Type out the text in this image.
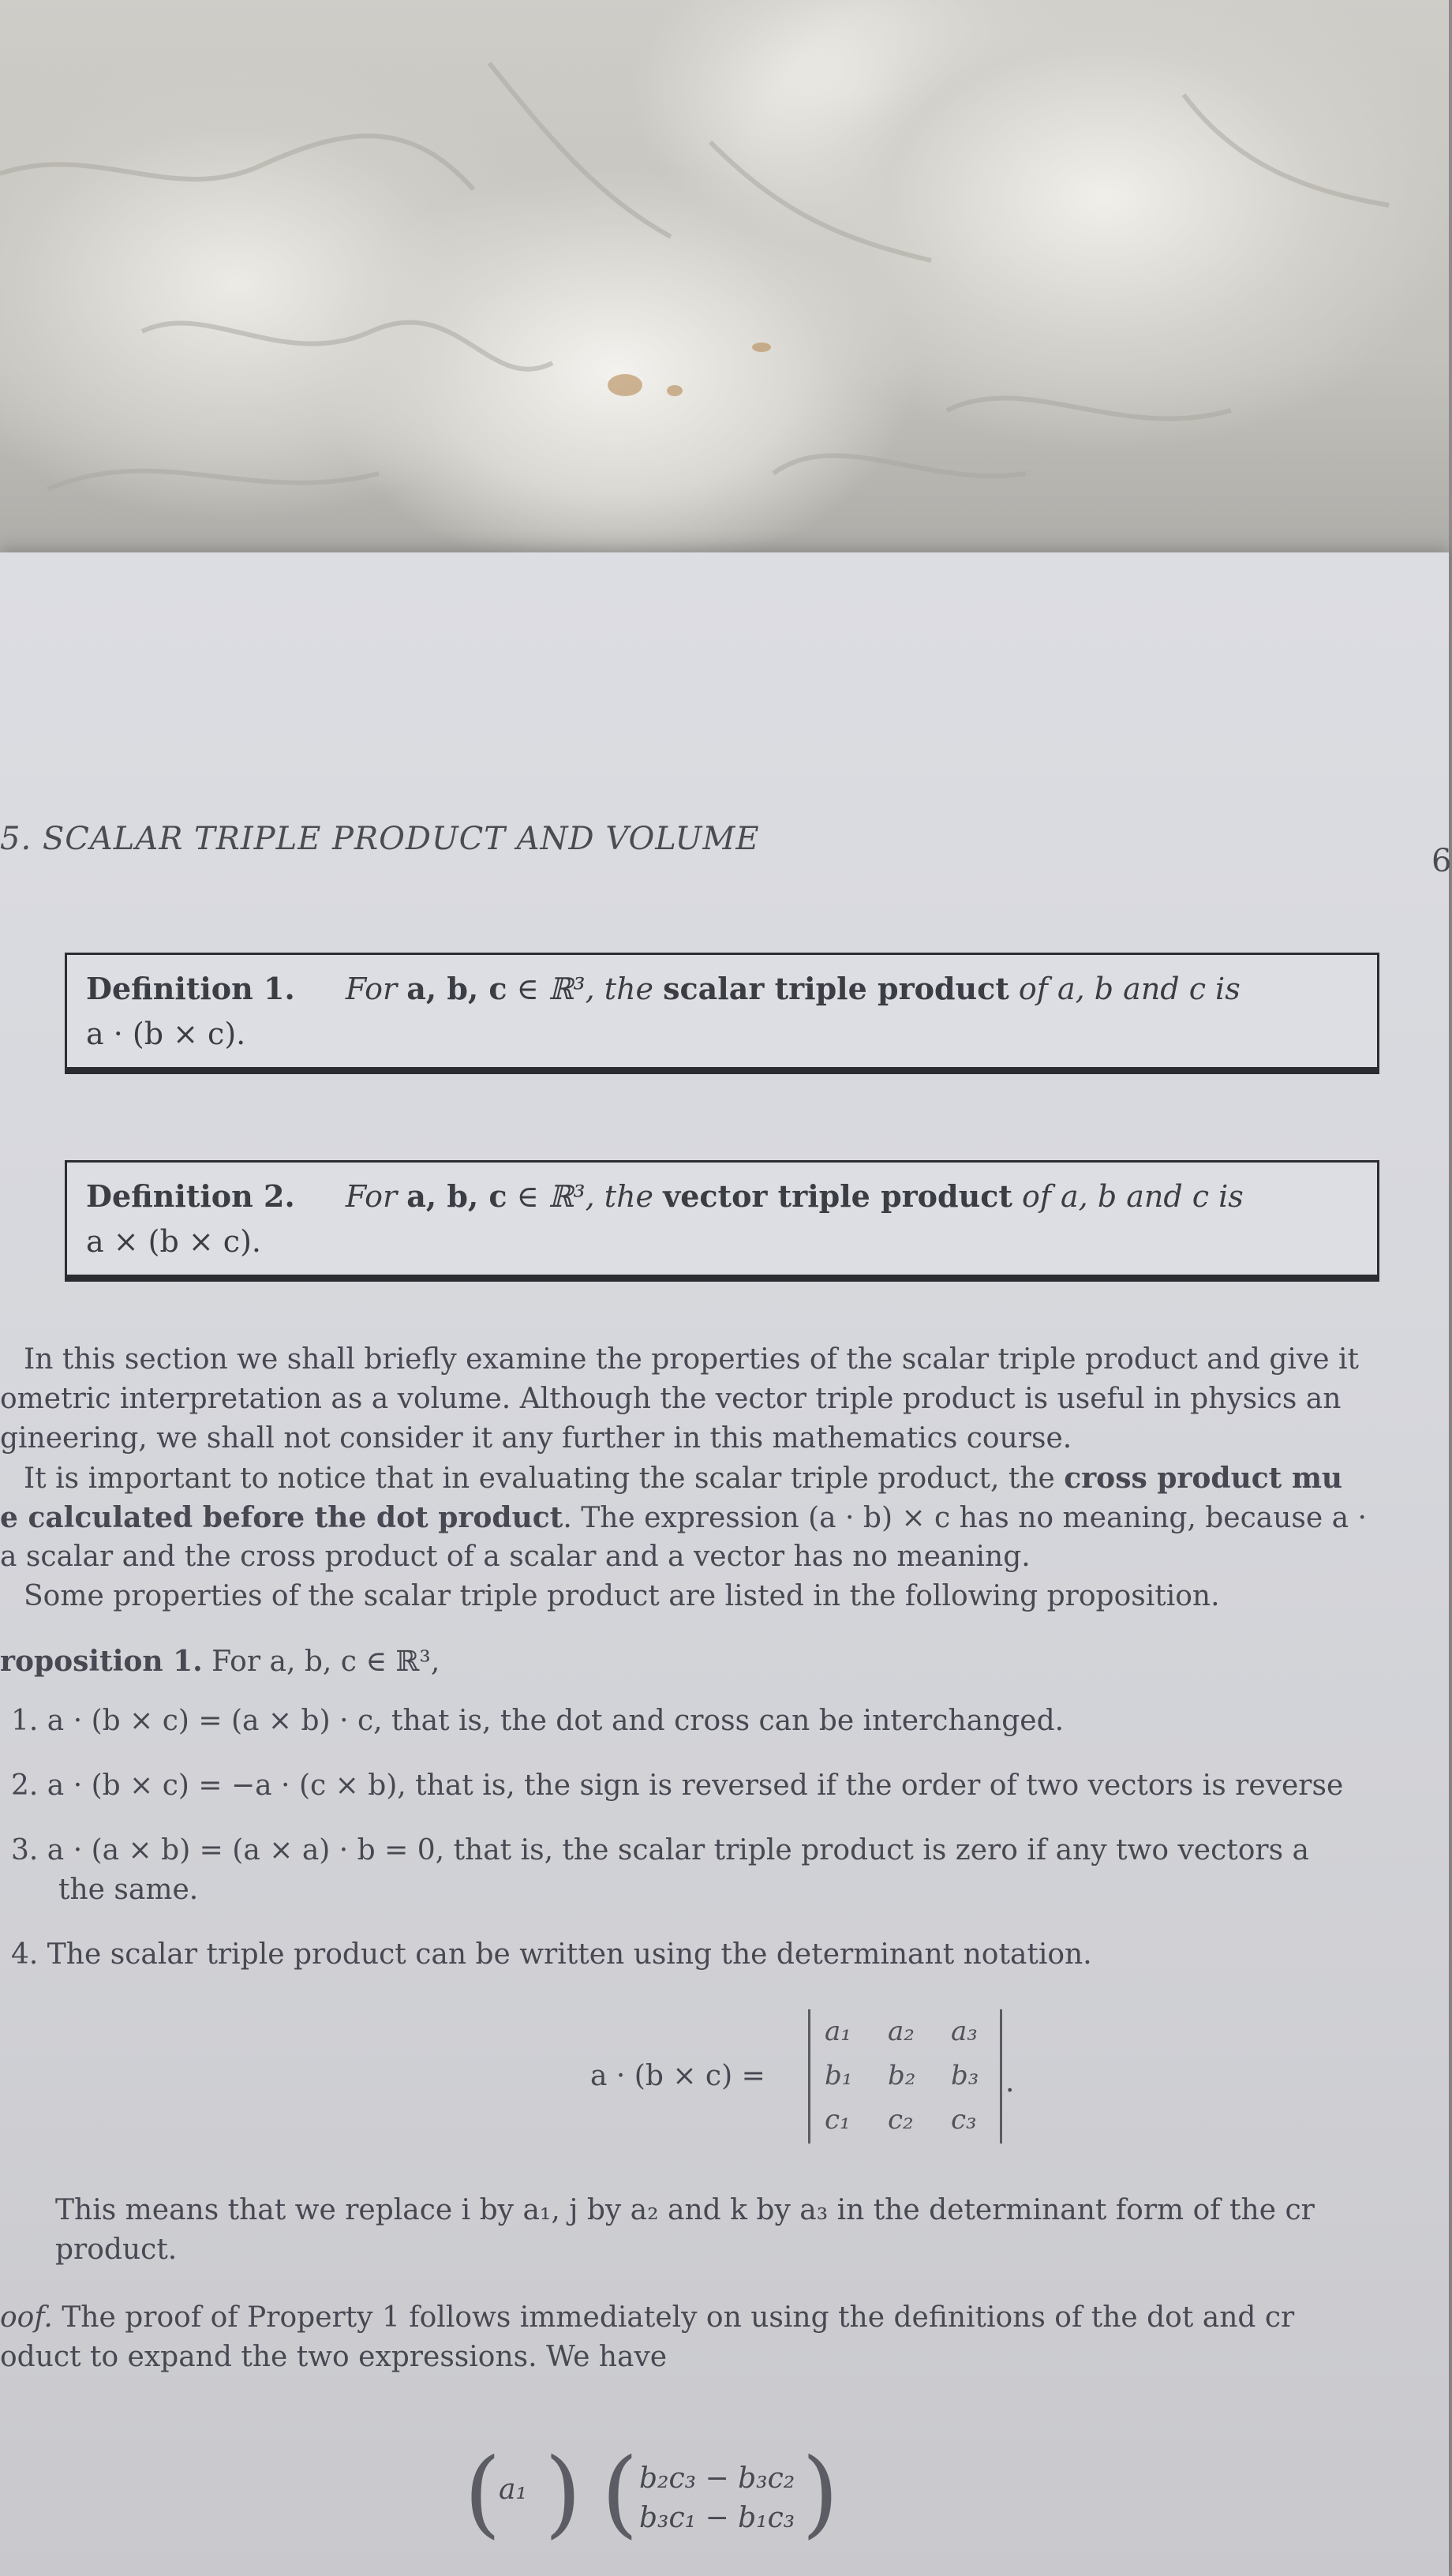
5. SCALAR TRIPLE PRODUCT AND VOLUME
6
Definition 1. For a, b, c ∈ ℝ³, the scalar triple product of a, b and c is
a · (b × c).
Definition 2. For a, b, c ∈ ℝ³, the vector triple product of a, b and c is
a × (b × c).
In this section we shall briefly examine the properties of the scalar triple product and give it
ometric interpretation as a volume. Although the vector triple product is useful in physics an
gineering, we shall not consider it any further in this mathematics course.
It is important to notice that in evaluating the scalar triple product, the cross product mu
e calculated before the dot product. The expression (a · b) × c has no meaning, because a ·
a scalar and the cross product of a scalar and a vector has no meaning.
Some properties of the scalar triple product are listed in the following proposition.
roposition 1. For a, b, c ∈ ℝ³,
1. a · (b × c) = (a × b) · c, that is, the dot and cross can be interchanged.
2. a · (b × c) = −a · (c × b), that is, the sign is reversed if the order of two vectors is reverse
3. a · (a × b) = (a × a) · b = 0, that is, the scalar triple product is zero if any two vectors a
the same.
4. The scalar triple product can be written using the determinant notation.
a · (b × c) =
a₁ a₂ a₃
b₁ b₂ b₃
c₁ c₂ c₃
.
This means that we replace i by a₁, j by a₂ and k by a₃ in the determinant form of the cr
product.
oof. The proof of Property 1 follows immediately on using the definitions of the dot and cr
oduct to expand the two expressions. We have
(
a₁ ) ( b₂c₃ − b₃c₂
b₃c₁ − b₁c₃ )
